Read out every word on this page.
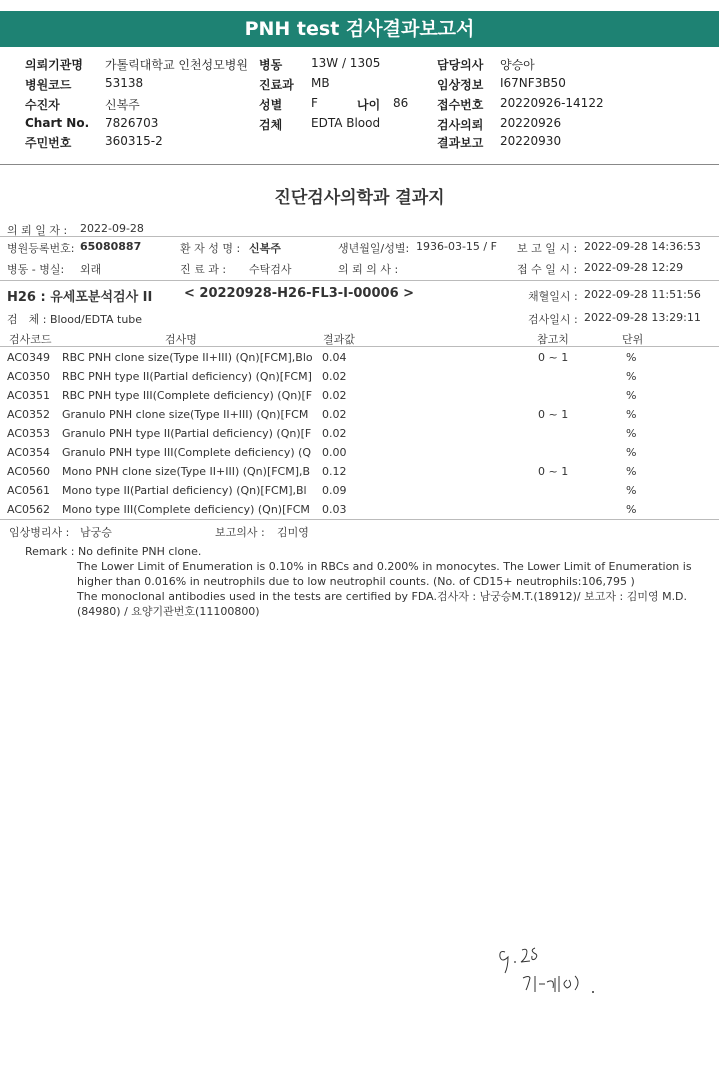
PNH test 검사결과보고서
의뢰기관명 가톨릭대학교 인천성모병원 병동 13W / 1305	담당의사 양승아
병원코드	53138	진료과 MB	임상정보 I67NF3B50
수진자	신복주	성별 F	나이 86 접수번호 20220926-14122
Chart No. 7826703	검체 EDTA Blood	검사의뢰 20220926
주민번호	360315-2	결과보고 20220930
진단검사의학과 결과지
의 뢰 일 자 : 2022-09-28
병원등록번호: 65080887	환 자 성 명 : 신복주	생년월일/성별: 1936-03-15 / F 보 고 일 시 : 2022-09-28 14:36:53
병동 - 병실: 외래	진 료 과 : 수탁검사	의 뢰 의 사 :	접 수 일 시 : 2022-09-28 12:29
H26 : 유세포분석검사 II < 20220928-H26-FL3-I-00006 >	채혈일시 : 2022-09-28 11:51:56
검　체 : Blood/EDTA tube	검사일시 : 2022-09-28 13:29:11
검사코드	검사명	결과값	참고치	단위
AC0349 RBC PNH clone size(Type II+III) (Qn)[FCM],Blo 0.04	0 ~ 1	%
AC0350 RBC PNH type II(Partial deficiency) (Qn)[FCM] 0.02	%
AC0351 RBC PNH type III(Complete deficiency) (Qn)[F 0.02	%
AC0352 Granulo PNH clone size(Type II+III) (Qn)[FCM 0.02	0 ~ 1	%
AC0353 Granulo PNH type II(Partial deficiency) (Qn)[F 0.02	%
AC0354 Granulo PNH type III(Complete deficiency) (Q 0.00	%
AC0560 Mono PNH clone size(Type II+III) (Qn)[FCM],B 0.12	0 ~ 1	%
AC0561 Mono type II(Partial deficiency) (Qn)[FCM],Bl 0.09	%
AC0562 Mono type III(Complete deficiency) (Qn)[FCM 0.03	%
임상병리사 : 남궁승	보고의사 : 김미영

Remark : No definite PNH clone.

The Lower Limit of Enumeration is 0.10% in RBCs and 0.200% in monocytes. The Lower Limit of Enumeration is higher than 0.016% in neutrophils due to low neutrophil counts. (No. of CD15+ neutrophils:106,795 )

The monoclonal antibodies used in the tests are certified by FDA.검사자 : 남궁승M.T.(18912)/ 보고자 : 김미영 M.D.(84980) / 요양기관번호(11100800)
